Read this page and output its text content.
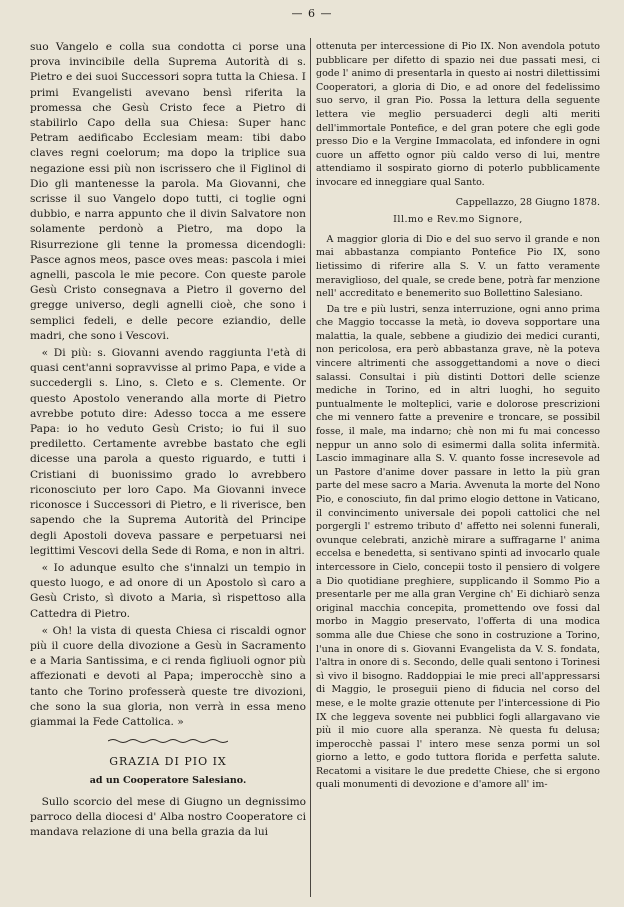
— 6 —

suo Vangelo e colla sua condotta ci porse una prova invincibile della Suprema Autorità di s. Pietro e dei suoi Successori sopra tutta la Chiesa. I primi Evangelisti avevano bensì riferita la promessa che Gesù Cristo fece a Pietro di stabilirlo Capo della sua Chiesa: Super hanc Petram aedificabo Ecclesiam meam: tibi dabo claves regni coelorum; ma dopo la triplice sua negazione essi più non iscrissero che il Figlinol di Dio gli mantenesse la parola. Ma Giovanni, che scrisse il suo Vangelo dopo tutti, ci toglie ogni dubbio, e narra appunto che il divin Salvatore non solamente perdonò a Pietro, ma dopo la Risurrezione gli tenne la promessa dicendogli: Pasce agnos meos, pasce oves meas: pascola i miei agnelli, pascola le mie pecore. Con queste parole Gesù Cristo consegnava a Pietro il governo del gregge universo, degli agnelli cioè, che sono i semplici fedeli, e delle pecore eziandio, delle madri, che sono i Vescovi.

« Di più: s. Giovanni avendo raggiunta l'età di quasi cent'anni sopravvisse al primo Papa, e vide a succedergli s. Lino, s. Cleto e s. Clemente. Or questo Apostolo venerando alla morte di Pietro avrebbe potuto dire: Adesso tocca a me essere Papa: io ho veduto Gesù Cristo; io fui il suo prediletto. Certamente avrebbe bastato che egli dicesse una parola a questo riguardo, e tutti i Cristiani di buonissimo grado lo avrebbero riconosciuto per loro Capo. Ma Giovanni invece riconosce i Successori di Pietro, e li riverisce, ben sapendo che la Suprema Autorità del Principe degli Apostoli doveva passare e perpetuarsi nei legittimi Vescovi della Sede di Roma, e non in altri.

« Io adunque esulto che s'innalzi un tempio in questo luogo, e ad onore di un Apostolo sì caro a Gesù Cristo, sì divoto a Maria, sì rispettoso alla Cattedra di Pietro.

« Oh! la vista di questa Chiesa ci riscaldi ognor più il cuore della divozione a Gesù in Sacramento e a Maria Santissima, e ci renda figliuoli ognor più affezionati e devoti al Papa; imperocchè sino a tanto che Torino professerà queste tre divozioni, che sono la sua gloria, non verrà in essa meno giammai la Fede Cattolica. »

GRAZIA DI PIO IX
ad un Cooperatore Salesiano.

Sullo scorcio del mese di Giugno un degnissimo parroco della diocesi d' Alba nostro Cooperatore ci mandava relazione di una bella grazia da lui

ottenuta per intercessione di Pio IX. Non avendola potuto pubblicare per difetto di spazio nei due passati mesi, ci gode l' animo di presentarla in questo ai nostri dilettissimi Cooperatori, a gloria di Dio, e ad onore del fedelissimo suo servo, il gran Pio. Possa la lettura della seguente lettera vie meglio persuaderci degli alti meriti dell'immortale Pontefice, e del gran potere che egli gode presso Dio e la Vergine Immacolata, ed infondere in ogni cuore un affetto ognor più caldo verso di lui, mentre attendiamo il sospirato giorno di poterlo pubblicamente invocare ed inneggiare qual Santo.

Cappellazzo, 28 Giugno 1878.
Ill.mo e Rev.mo Signore,

A maggior gloria di Dio e del suo servo il grande e non mai abbastanza compianto Pontefice Pio IX, sono lietissimo di riferire alla S. V. un fatto veramente meraviglioso, del quale, se crede bene, potrà far menzione nell' accreditato e benemerito suo Bollettino Salesiano.

Da tre e più lustri, senza interruzione, ogni anno prima che Maggio toccasse la metà, io doveva sopportare una malattia, la quale, sebbene a giudizio dei medici curanti, non pericolosa, era però abbastanza grave, nè la poteva vincere altrimenti che assoggettandomi a nove o dieci salassi. Consultai i più distinti Dottori delle scienze mediche in Torino, ed in altri luoghi, ho seguito puntualmente le molteplici, varie e dolorose prescrizioni che mi vennero fatte a prevenire e troncare, se possibil fosse, il male, ma indarno; chè non mi fu mai concesso neppur un anno solo di esimermi dalla solita infermità. Lascio immaginare alla S. V. quanto fosse incresevole ad un Pastore d'anime dover passare in letto la più gran parte del mese sacro a Maria. Avvenuta la morte del Nono Pio, e conosciuto, fin dal primo elogio dettone in Vaticano, il convincimento universale dei popoli cattolici che nel porgergli l' estremo tributo d' affetto nei solenni funerali, ovunque celebrati, anzichè mirare a suffragarne l' anima eccelsa e benedetta, si sentivano spinti ad invocarlo quale intercessore in Cielo, concepii tosto il pensiero di volgere a Dio quotidiane preghiere, supplicando il Sommo Pio a presentarle per me alla gran Vergine ch' Ei dichiarò senza original macchia concepita, promettendo ove fossi dal morbo in Maggio preservato, l'offerta di una modica somma alle due Chiese che sono in costruzione a Torino, l'una in onore di s. Giovanni Evangelista da V. S. fondata, l'altra in onore di s. Secondo, delle quali sentono i Torinesi sì vivo il bisogno. Raddoppiai le mie preci all'appressarsi di Maggio, le proseguii pieno di fiducia nel corso del mese, e le molte grazie ottenute per l'intercessione di Pio IX che leggeva sovente nei pubblici fogli allargavano vie più il mio cuore alla speranza. Nè questa fu delusa; imperocchè passai l' intero mese senza pormi un sol giorno a letto, e godo tuttora florida e perfetta salute. Recatomi a visitare le due predette Chiese, che si ergono quali monumenti di devozione e d'amore all' im-
